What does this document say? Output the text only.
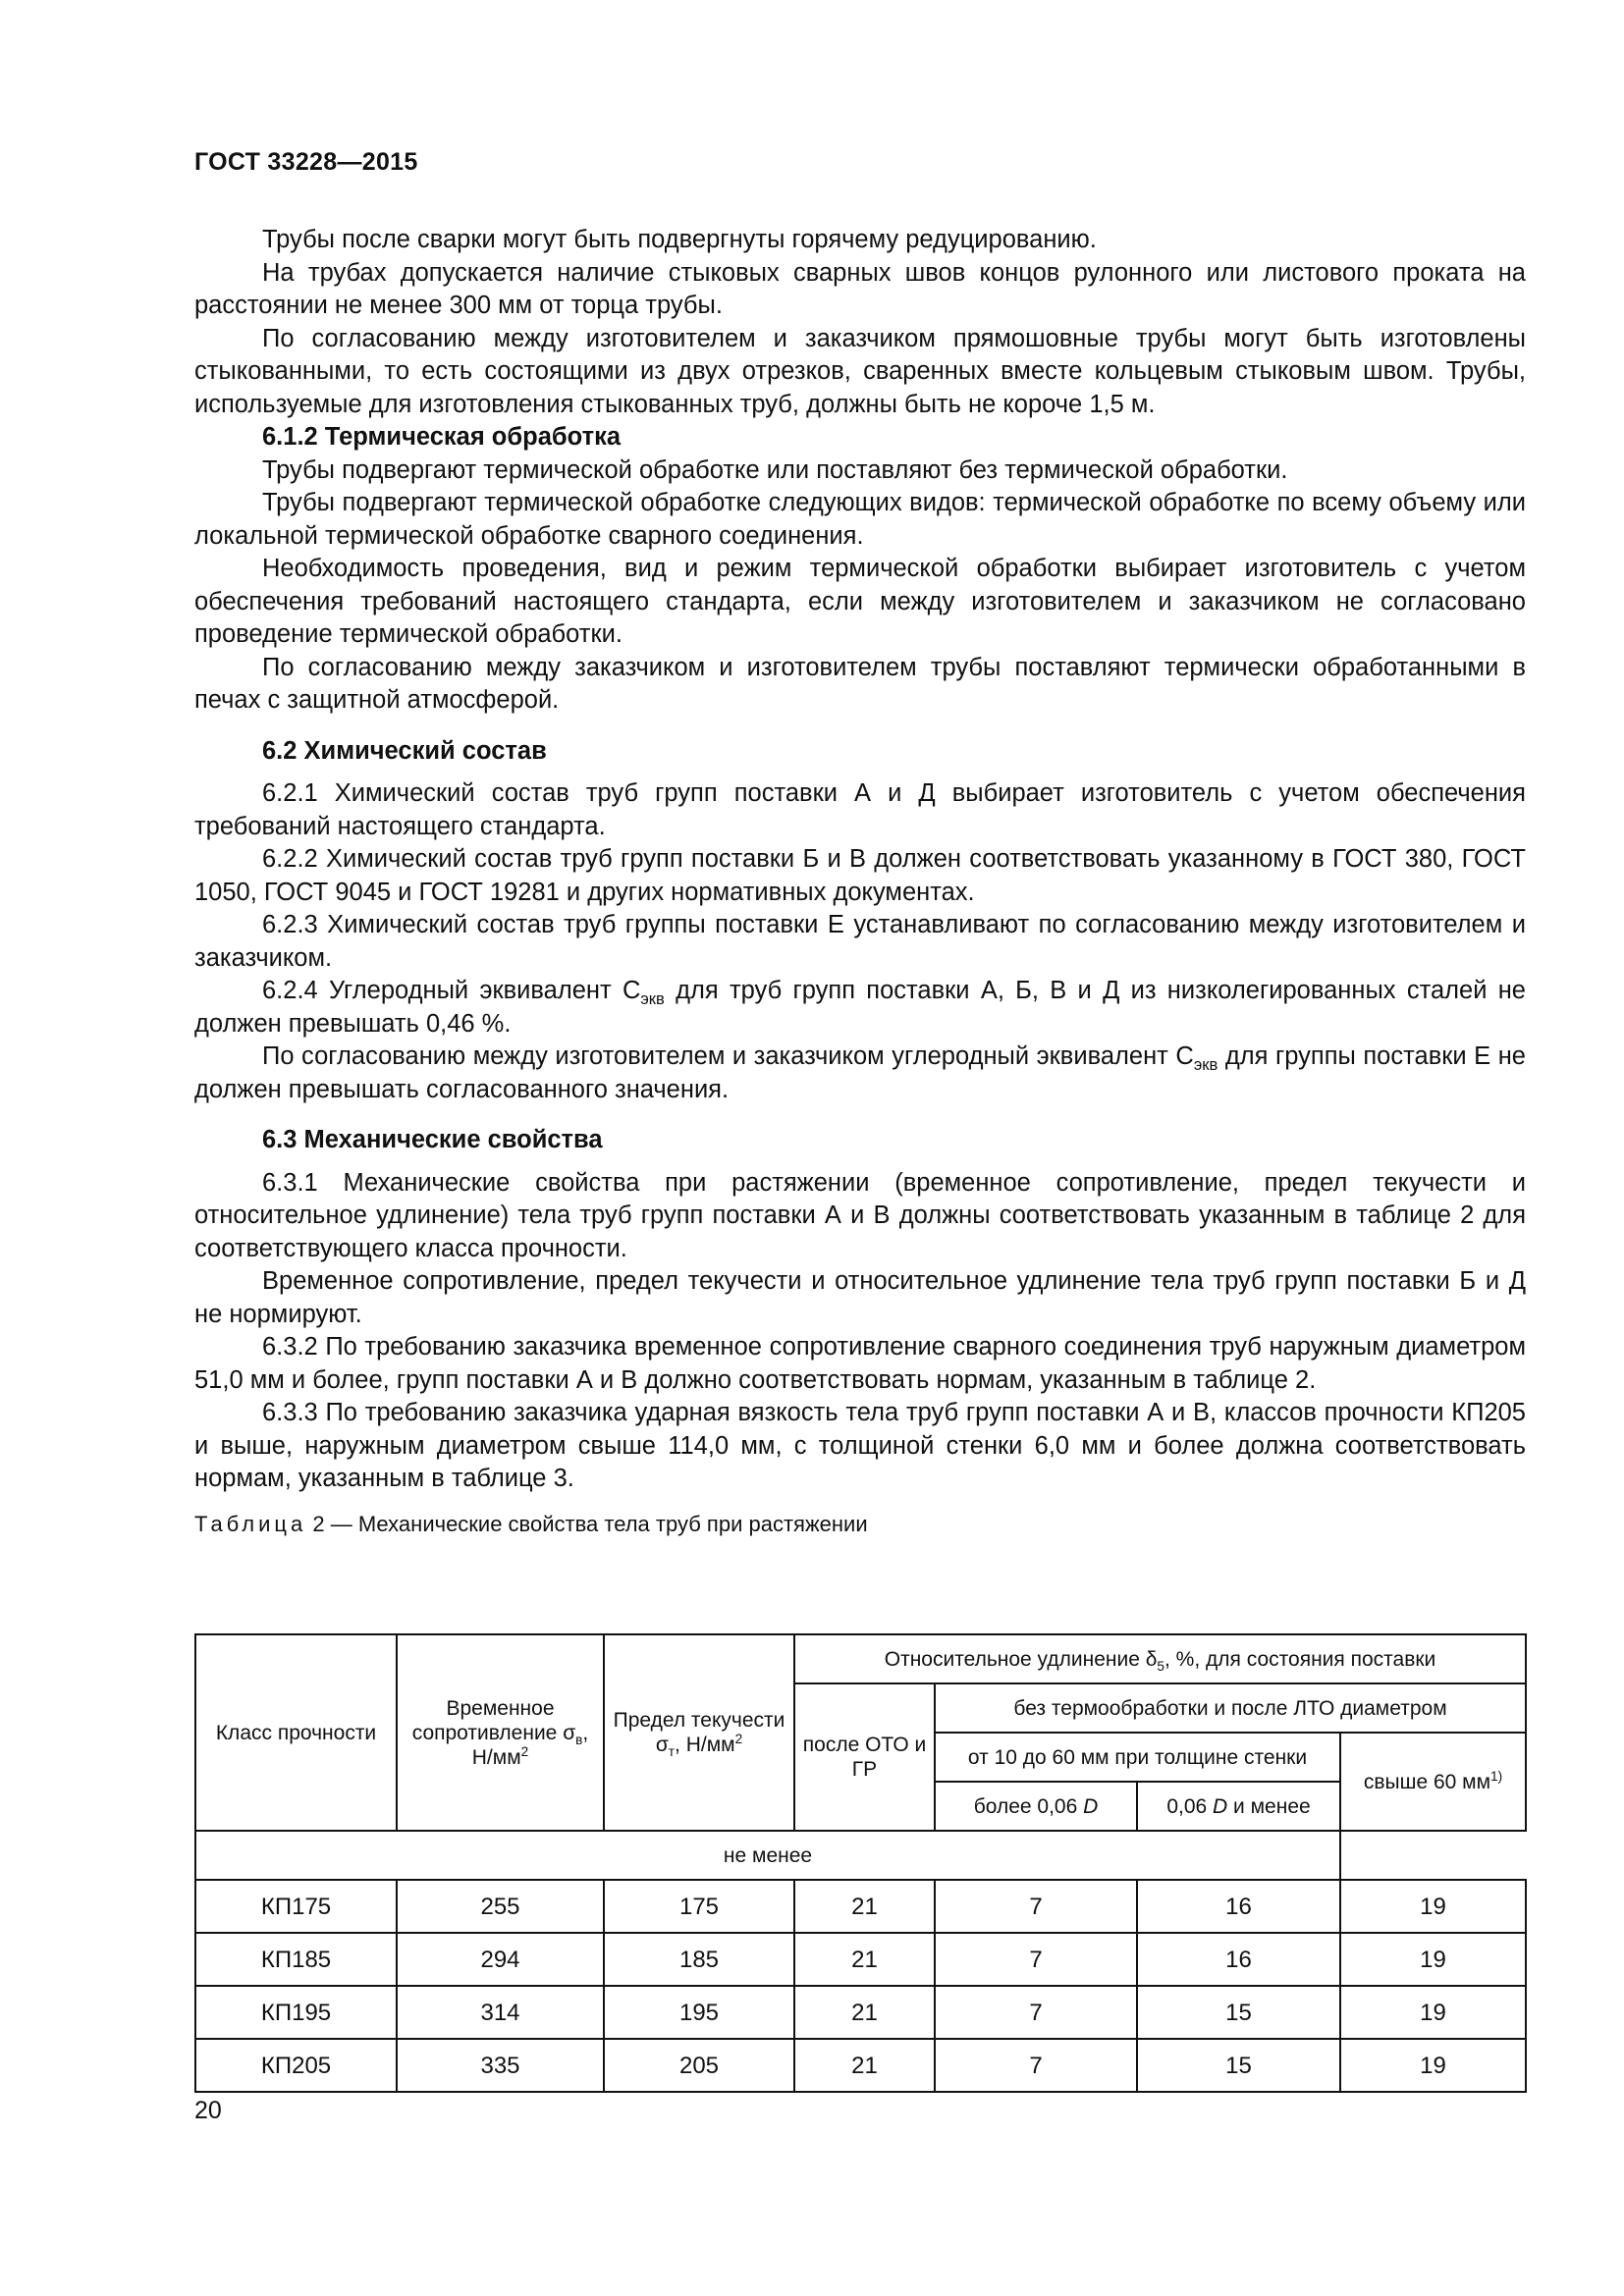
ГОСТ 33228—2015

Трубы после сварки могут быть подвергнуты горячему редуцированию.

На трубах допускается наличие стыковых сварных швов концов рулонного или листового проката на расстоянии не менее 300 мм от торца трубы.

По согласованию между изготовителем и заказчиком прямошовные трубы могут быть изготовлены стыкованными, то есть состоящими из двух отрезков, сваренных вместе кольцевым стыковым швом. Трубы, используемые для изготовления стыкованных труб, должны быть не короче 1,5 м.

6.1.2 Термическая обработка

Трубы подвергают термической обработке или поставляют без термической обработки.

Трубы подвергают термической обработке следующих видов: термической обработке по всему объему или локальной термической обработке сварного соединения.

Необходимость проведения, вид и режим термической обработки выбирает изготовитель с учетом обеспечения требований настоящего стандарта, если между изготовителем и заказчиком не согласовано проведение термической обработки.

По согласованию между заказчиком и изготовителем трубы поставляют термически обработанными в печах с защитной атмосферой.

6.2 Химический состав

6.2.1 Химический состав труб групп поставки А и Д выбирает изготовитель с учетом обеспечения требований настоящего стандарта.

6.2.2 Химический состав труб групп поставки Б и В должен соответствовать указанному в ГОСТ 380, ГОСТ 1050, ГОСТ 9045 и ГОСТ 19281 и других нормативных документах.

6.2.3 Химический состав труб группы поставки Е устанавливают по согласованию между изготовителем и заказчиком.

6.2.4 Углеродный эквивалент $С_{экв}$ для труб групп поставки А, Б, В и Д из низколегированных сталей не должен превышать 0,46 %.

По согласованию между изготовителем и заказчиком углеродный эквивалент $С_{экв}$ для группы поставки Е не должен превышать согласованного значения.

6.3 Механические свойства

6.3.1 Механические свойства при растяжении (временное сопротивление, предел текучести и относительное удлинение) тела труб групп поставки А и В должны соответствовать указанным в таблице 2 для соответствующего класса прочности.

Временное сопротивление, предел текучести и относительное удлинение тела труб групп поставки Б и Д не нормируют.

6.3.2 По требованию заказчика временное сопротивление сварного соединения труб наружным диаметром 51,0 мм и более, групп поставки А и В должно соответствовать нормам, указанным в таблице 2.

6.3.3 По требованию заказчика ударная вязкость тела труб групп поставки А и В, классов прочности КП205 и выше, наружным диаметром свыше 114,0 мм, с толщиной стенки 6,0 мм и более должна соответствовать нормам, указанным в таблице 3.

Таблица 2 — Механические свойства тела труб при растяжении
Класс прочности	Временное сопротивление $\sigma_в$, $Н/мм^2$	Предел текучести $\sigma_т$, $Н/мм^2$	Относительное удлинение $\delta_5$, %, для состояния поставки			
			после ОТО и ГР	без термообработки и после ЛТО диаметром		
				от 10 до 60 мм при толщине стенки		свыше 60 $мм^{1)}$
				более 0,06 D	0,06 D и менее	
не менее						
КП175	255	175	21	7	16	19
КП185	294	185	21	7	16	19
КП195	314	195	21	7	15	19
КП205	335	205	21	7	15	19
20
